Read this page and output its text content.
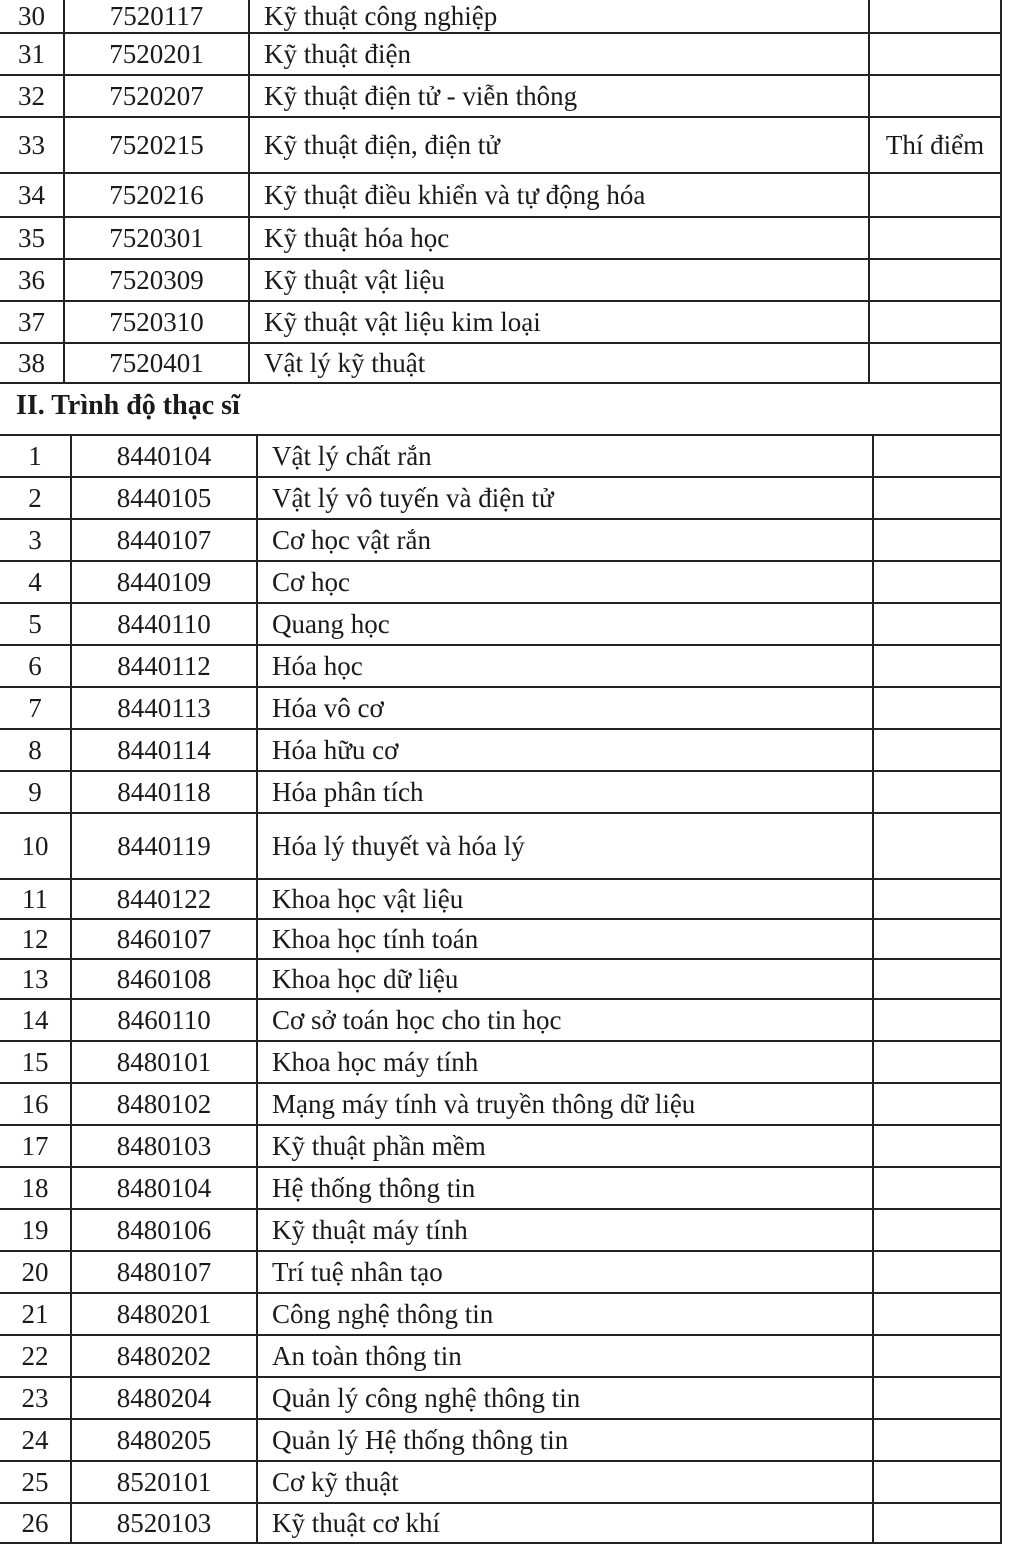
30	7520117	Kỹ thuật công nghiệp	
31	7520201	Kỹ thuật điện	
32	7520207	Kỹ thuật điện tử - viễn thông	
33	7520215	Kỹ thuật điện, điện tử	Thí điểm
34	7520216	Kỹ thuật điều khiển và tự động hóa	
35	7520301	Kỹ thuật hóa học	
36	7520309	Kỹ thuật vật liệu	
37	7520310	Kỹ thuật vật liệu kim loại	
38	7520401	Vật lý kỹ thuật	
II. Trình độ thạc sĩ
1	8440104	Vật lý chất rắn	
2	8440105	Vật lý vô tuyến và điện tử	
3	8440107	Cơ học vật rắn	
4	8440109	Cơ học	
5	8440110	Quang học	
6	8440112	Hóa học	
7	8440113	Hóa vô cơ	
8	8440114	Hóa hữu cơ	
9	8440118	Hóa phân tích	
10	8440119	Hóa lý thuyết và hóa lý	
11	8440122	Khoa học vật liệu	
12	8460107	Khoa học tính toán	
13	8460108	Khoa học dữ liệu	
14	8460110	Cơ sở toán học cho tin học	
15	8480101	Khoa học máy tính	
16	8480102	Mạng máy tính và truyền thông dữ liệu	
17	8480103	Kỹ thuật phần mềm	
18	8480104	Hệ thống thông tin	
19	8480106	Kỹ thuật máy tính	
20	8480107	Trí tuệ nhân tạo	
21	8480201	Công nghệ thông tin	
22	8480202	An toàn thông tin	
23	8480204	Quản lý công nghệ thông tin	
24	8480205	Quản lý Hệ thống thông tin	
25	8520101	Cơ kỹ thuật	
26	8520103	Kỹ thuật cơ khí	
